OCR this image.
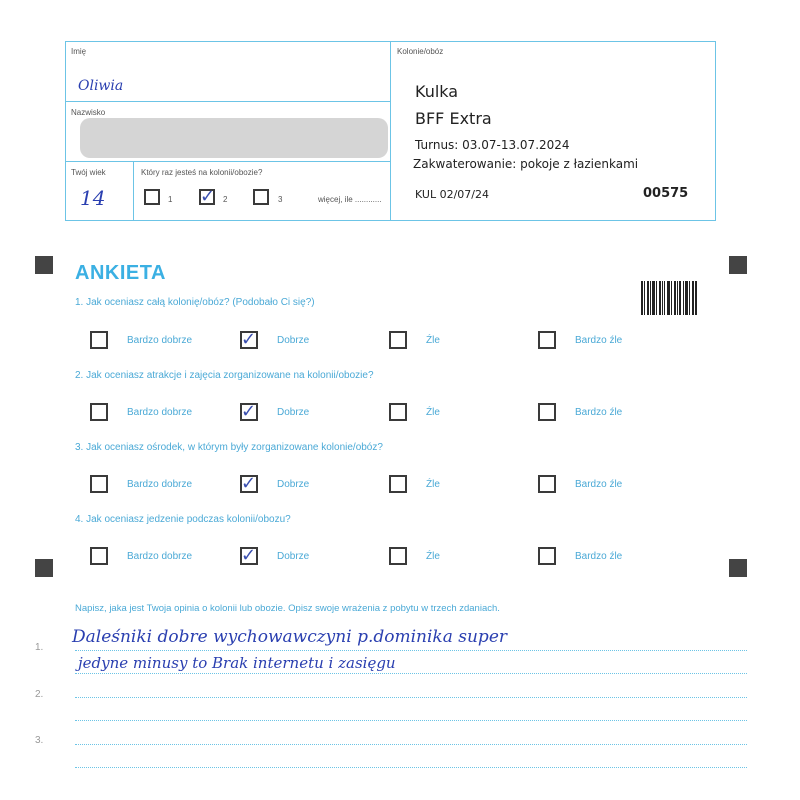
Imię
Oliwia
Nazwisko
Twój wiek
14
Który raz jesteś na kolonii/obozie?
1 ✓ 2	3	więcej, ile ............
Kolonie/obóz
Kulka
BFF Extra
Turnus: 03.07-13.07.2024
Zakwaterowanie: pokoje z łazienkami
KUL 02/07/24	00575
ANKIETA
1. Jak oceniasz całą kolonię/obóz? (Podobało Ci się?)
Bardzo dobrze	✓ Dobrze	Źle	Bardzo źle
2. Jak oceniasz atrakcje i zajęcia zorganizowane na kolonii/obozie?
Bardzo dobrze	✓ Dobrze	Źle	Bardzo źle
3. Jak oceniasz ośrodek, w którym były zorganizowane kolonie/obóz?
Bardzo dobrze	✓ Dobrze	Źle	Bardzo źle
4. Jak oceniasz jedzenie podczas kolonii/obozu?
Bardzo dobrze	✓ Dobrze	Źle	Bardzo źle
Napisz, jaka jest Twoja opinia o kolonii lub obozie. Opisz swoje wrażenia z pobytu w trzech zdaniach.
1.
2.
3.
Daleśniki dobre wychowawczyni p.dominika super
jedyne minusy to Brak internetu i zasięgu
